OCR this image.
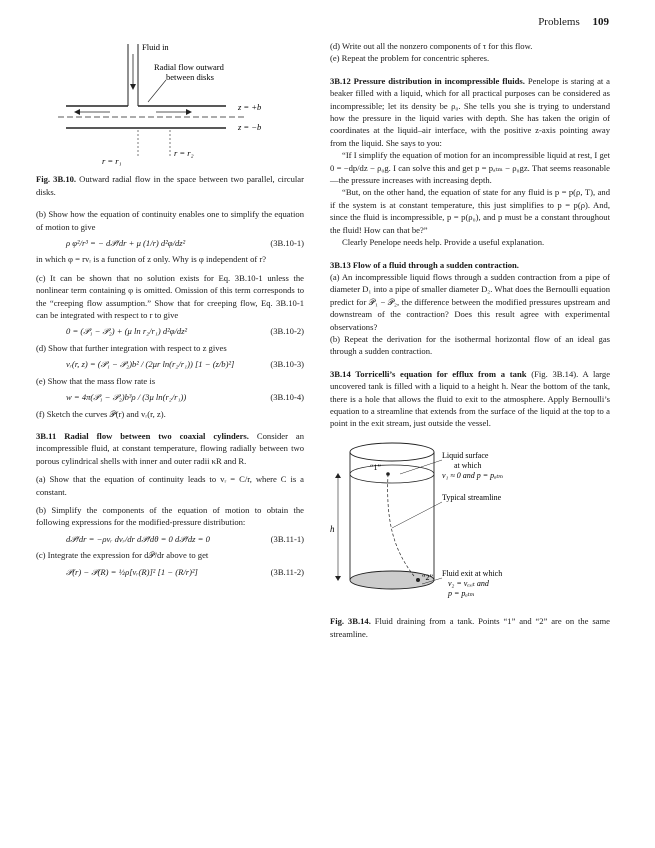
Problems 109
Fluid in
Radial flow outward
between disks
z = +b
z = −b
r = r₁
r = r₂

Fig. 3B.10. Outward radial flow in the space between two parallel, circular disks.

(b) Show how the equation of continuity enables one to simplify the equation of motion to give

ρ φ²/r³ = − d𝒫/dr + μ (1/r) d²φ/dz²	(3B.10-1)

in which φ = rvᵣ is a function of z only. Why is φ independent of r?

(c) It can be shown that no solution exists for Eq. 3B.10-1 unless the nonlinear term containing φ is omitted. Omission of this term corresponds to the “creeping flow assumption.” Show that for creeping flow, Eq. 3B.10-1 can be integrated with respect to r to give

0 = (𝒫₁ − 𝒫₂) + (μ ln r₂/r₁) d²φ/dz²	(3B.10-2)

(d) Show that further integration with respect to z gives

vᵣ(r, z) = (𝒫₁ − 𝒫₂)b² / (2μr ln(r₂/r₁)) [1 − (z/b)²]	(3B.10-3)

(e) Show that the mass flow rate is

w = 4π(𝒫₁ − 𝒫₂)b³ρ / (3μ ln(r₂/r₁))	(3B.10-4)

(f) Sketch the curves 𝒫(r) and vᵣ(r, z).

3B.11 Radial flow between two coaxial cylinders. Consider an incompressible fluid, at constant temperature, flowing radially between two porous cylindrical shells with inner and outer radii κR and R.

(a) Show that the equation of continuity leads to vᵣ = C/r, where C is a constant.

(b) Simplify the components of the equation of motion to obtain the following expressions for the modified-pressure distribution:

d𝒫/dr = −ρvᵣ dvᵣ/dr d𝒫/dθ = 0 d𝒫/dz = 0	(3B.11-1)

(c) Integrate the expression for d𝒫/dr above to get

𝒫(r) − 𝒫(R) = ½ρ[vᵣ(R)]² [1 − (R/r)²]	(3B.11-2)

(d) Write out all the nonzero components of τ for this flow.

(e) Repeat the problem for concentric spheres.

3B.12 Pressure distribution in incompressible fluids. Penelope is staring at a beaker filled with a liquid, which for all practical purposes can be considered as incompressible; let its density be ρ₀. She tells you she is trying to understand how the pressure in the liquid varies with depth. She has taken the origin of coordinates at the liquid–air interface, with the positive z-axis pointing away from the liquid. She says to you:

“If I simplify the equation of motion for an incompressible liquid at rest, I get 0 = −dp/dz − ρ₀g. I can solve this and get p = pₐₜₘ − ρ₀gz. That seems reasonable—the pressure increases with increasing depth.

“But, on the other hand, the equation of state for any fluid is p = p(ρ, T), and if the system is at constant temperature, this just simplifies to p = p(ρ). And, since the fluid is incompressible, p = p(ρ₀), and p must be a constant throughout the fluid! How can that be?”

Clearly Penelope needs help. Provide a useful explanation.

3B.13 Flow of a fluid through a sudden contraction.

(a) An incompressible liquid flows through a sudden contraction from a pipe of diameter D₁ into a pipe of smaller diameter D₂. What does the Bernoulli equation predict for 𝒫₁ − 𝒫₂, the difference between the modified pressures upstream and downstream of the contraction? Does this result agree with experimental observations?

(b) Repeat the derivation for the isothermal horizontal flow of an ideal gas through a sudden contraction.

3B.14 Torricelli’s equation for efflux from a tank (Fig. 3B.14). A large uncovered tank is filled with a liquid to a height h. Near the bottom of the tank, there is a hole that allows the fluid to exit to the atmosphere. Apply Bernoulli’s equation to a streamline that extends from the surface of the liquid at the top to a point in the exit stream, just outside the vessel.

“1”
“2”
h
Liquid surface
at which
v₁ ≈ 0 and p = pₐₜₘ
Typical streamline
Fluid exit at which
v₂ = vₑₓᵢₜ and
p = pₐₜₘ

Fig. 3B.14. Fluid draining from a tank. Points “1” and “2” are on the same streamline.
